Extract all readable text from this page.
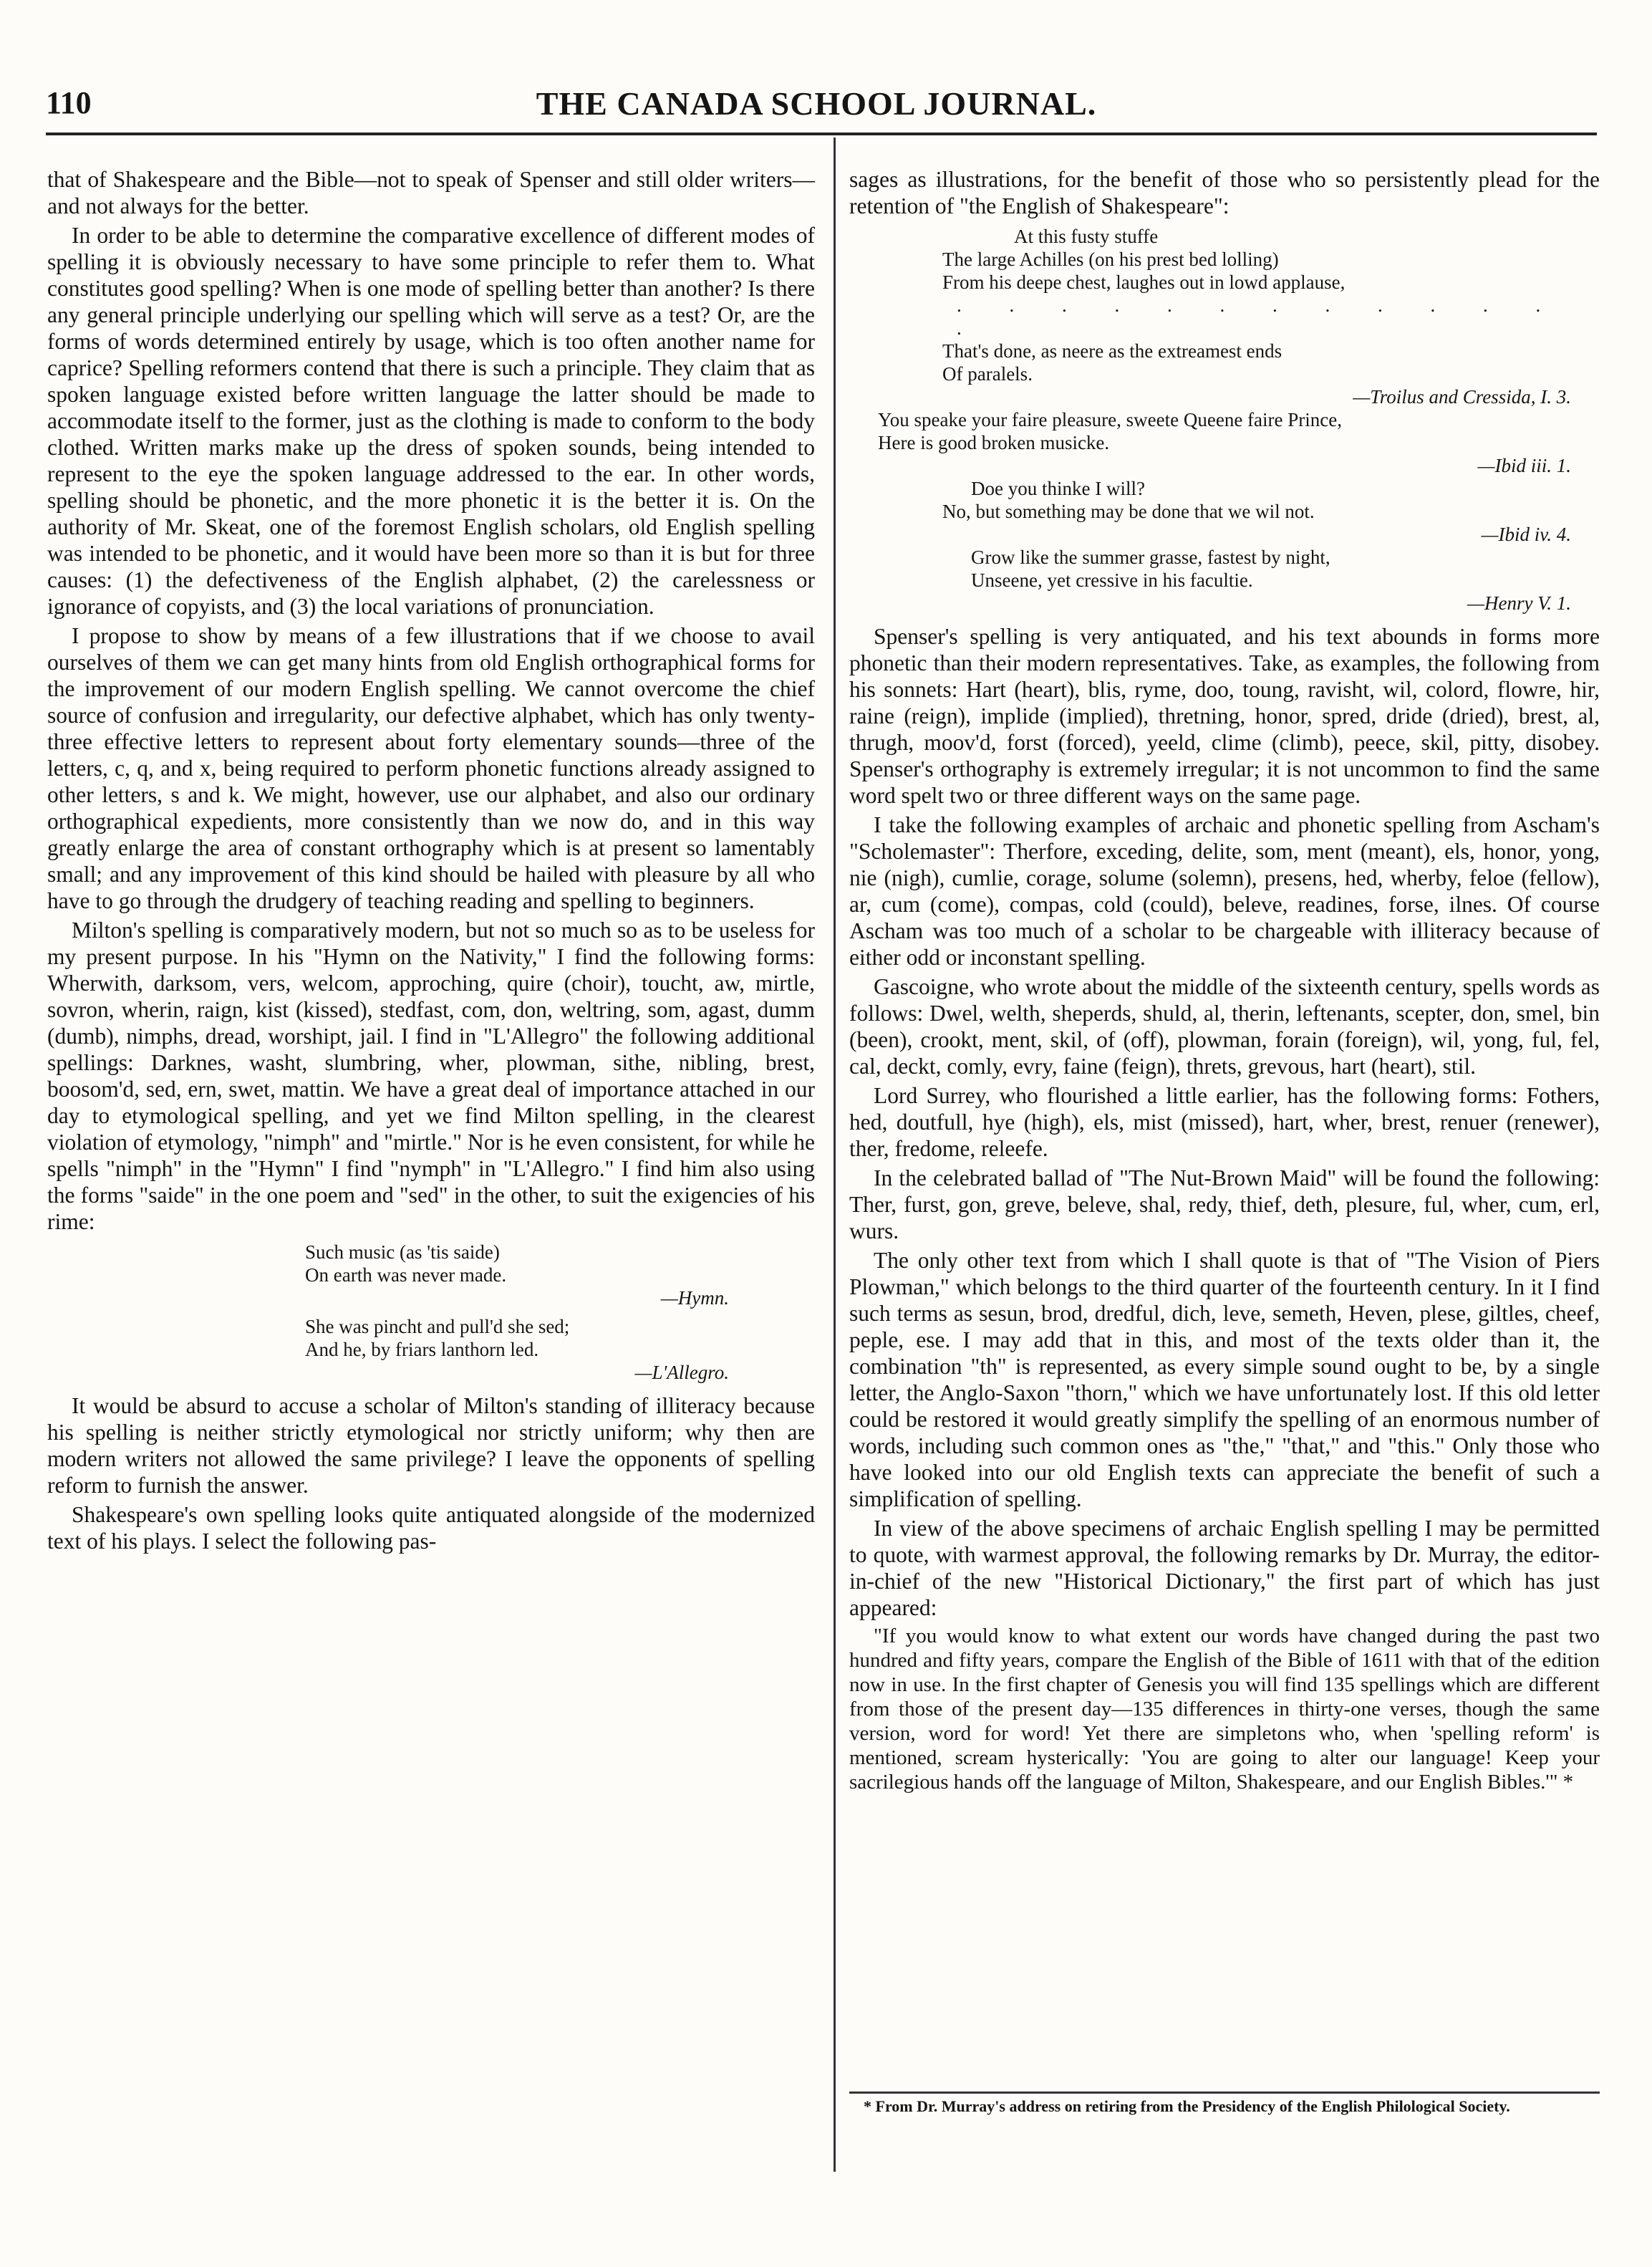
110	THE CANADA SCHOOL JOURNAL.

that of Shakespeare and the Bible—not to speak of Spenser and still older writers—and not always for the better.

In order to be able to determine the comparative excellence of different modes of spelling it is obviously necessary to have some principle to refer them to. What constitutes good spelling? When is one mode of spelling better than another? Is there any general principle underlying our spelling which will serve as a test? Or, are the forms of words determined entirely by usage, which is too often another name for caprice? Spelling reformers contend that there is such a principle. They claim that as spoken language existed before written language the latter should be made to accommodate itself to the former, just as the clothing is made to conform to the body clothed. Written marks make up the dress of spoken sounds, being intended to represent to the eye the spoken language addressed to the ear. In other words, spelling should be phonetic, and the more phonetic it is the better it is. On the authority of Mr. Skeat, one of the foremost English scholars, old English spelling was intended to be phonetic, and it would have been more so than it is but for three causes: (1) the defectiveness of the English alphabet, (2) the carelessness or ignorance of copyists, and (3) the local variations of pronunciation.

I propose to show by means of a few illustrations that if we choose to avail ourselves of them we can get many hints from old English orthographical forms for the improvement of our modern English spelling. We cannot overcome the chief source of confusion and irregularity, our defective alphabet, which has only twenty-three effective letters to represent about forty elementary sounds—three of the letters, c, q, and x, being required to perform phonetic functions already assigned to other letters, s and k. We might, however, use our alphabet, and also our ordinary orthographical expedients, more consistently than we now do, and in this way greatly enlarge the area of constant orthography which is at present so lamentably small; and any improvement of this kind should be hailed with pleasure by all who have to go through the drudgery of teaching reading and spelling to beginners.

Milton's spelling is comparatively modern, but not so much so as to be useless for my present purpose. In his "Hymn on the Nativity," I find the following forms: Wherwith, darksom, vers, welcom, approching, quire (choir), toucht, aw, mirtle, sovron, wherin, raign, kist (kissed), stedfast, com, don, weltring, som, agast, dumm (dumb), nimphs, dread, worshipt, jail. I find in "L'Allegro" the following additional spellings: Darknes, washt, slumbring, wher, plowman, sithe, nibling, brest, boosom'd, sed, ern, swet, mattin. We have a great deal of importance attached in our day to etymological spelling, and yet we find Milton spelling, in the clearest violation of etymology, "nimph" and "mirtle." Nor is he even consistent, for while he spells "nimph" in the "Hymn" I find "nymph" in "L'Allegro." I find him also using the forms "saide" in the one poem and "sed" in the other, to suit the exigencies of his rime:

Such music (as 'tis saide)
On earth was never made.
—Hymn.
She was pincht and pull'd she sed;
And he, by friars lanthorn led.
—L'Allegro.

It would be absurd to accuse a scholar of Milton's standing of illiteracy because his spelling is neither strictly etymological nor strictly uniform; why then are modern writers not allowed the same privilege? I leave the opponents of spelling reform to furnish the answer.

Shakespeare's own spelling looks quite antiquated alongside of the modernized text of his plays. I select the following pas-

sages as illustrations, for the benefit of those who so persistently plead for the retention of "the English of Shakespeare":

At this fusty stuffe
The large Achilles (on his prest bed lolling)
From his deepe chest, laughes out in lowd applause,
. . . . . . . . . . . . .
That's done, as neere as the extreamest ends
Of paralels.
—Troilus and Cressida, I. 3.
You speake your faire pleasure, sweete Queene faire Prince,
Here is good broken musicke.
—Ibid iii. 1.
Doe you thinke I will?
No, but something may be done that we wil not.
—Ibid iv. 4.
Grow like the summer grasse, fastest by night,
Unseene, yet cressive in his facultie.
—Henry V. 1.

Spenser's spelling is very antiquated, and his text abounds in forms more phonetic than their modern representatives. Take, as examples, the following from his sonnets: Hart (heart), blis, ryme, doo, toung, ravisht, wil, colord, flowre, hir, raine (reign), implide (implied), thretning, honor, spred, dride (dried), brest, al, thrugh, moov'd, forst (forced), yeeld, clime (climb), peece, skil, pitty, disobey. Spenser's orthography is extremely irregular; it is not uncommon to find the same word spelt two or three different ways on the same page.

I take the following examples of archaic and phonetic spelling from Ascham's "Scholemaster": Therfore, exceding, delite, som, ment (meant), els, honor, yong, nie (nigh), cumlie, corage, solume (solemn), presens, hed, wherby, feloe (fellow), ar, cum (come), compas, cold (could), beleve, readines, forse, ilnes. Of course Ascham was too much of a scholar to be chargeable with illiteracy because of either odd or inconstant spelling.

Gascoigne, who wrote about the middle of the sixteenth century, spells words as follows: Dwel, welth, sheperds, shuld, al, therin, leftenants, scepter, don, smel, bin (been), crookt, ment, skil, of (off), plowman, forain (foreign), wil, yong, ful, fel, cal, deckt, comly, evry, faine (feign), threts, grevous, hart (heart), stil.

Lord Surrey, who flourished a little earlier, has the following forms: Fothers, hed, doutfull, hye (high), els, mist (missed), hart, wher, brest, renuer (renewer), ther, fredome, releefe.

In the celebrated ballad of "The Nut-Brown Maid" will be found the following: Ther, furst, gon, greve, beleve, shal, redy, thief, deth, plesure, ful, wher, cum, erl, wurs.

The only other text from which I shall quote is that of "The Vision of Piers Plowman," which belongs to the third quarter of the fourteenth century. In it I find such terms as sesun, brod, dredful, dich, leve, semeth, Heven, plese, giltles, cheef, peple, ese. I may add that in this, and most of the texts older than it, the combination "th" is represented, as every simple sound ought to be, by a single letter, the Anglo-Saxon "thorn," which we have unfortunately lost. If this old letter could be restored it would greatly simplify the spelling of an enormous number of words, including such common ones as "the," "that," and "this." Only those who have looked into our old English texts can appreciate the benefit of such a simplification of spelling.

In view of the above specimens of archaic English spelling I may be permitted to quote, with warmest approval, the following remarks by Dr. Murray, the editor-in-chief of the new "Historical Dictionary," the first part of which has just appeared:

"If you would know to what extent our words have changed during the past two hundred and fifty years, compare the English of the Bible of 1611 with that of the edition now in use. In the first chapter of Genesis you will find 135 spellings which are different from those of the present day—135 differences in thirty-one verses, though the same version, word for word! Yet there are simpletons who, when 'spelling reform' is mentioned, scream hysterically: 'You are going to alter our language! Keep your sacrilegious hands off the language of Milton, Shakespeare, and our English Bibles.'" *

* From Dr. Murray's address on retiring from the Presidency of the English Philological Society.
